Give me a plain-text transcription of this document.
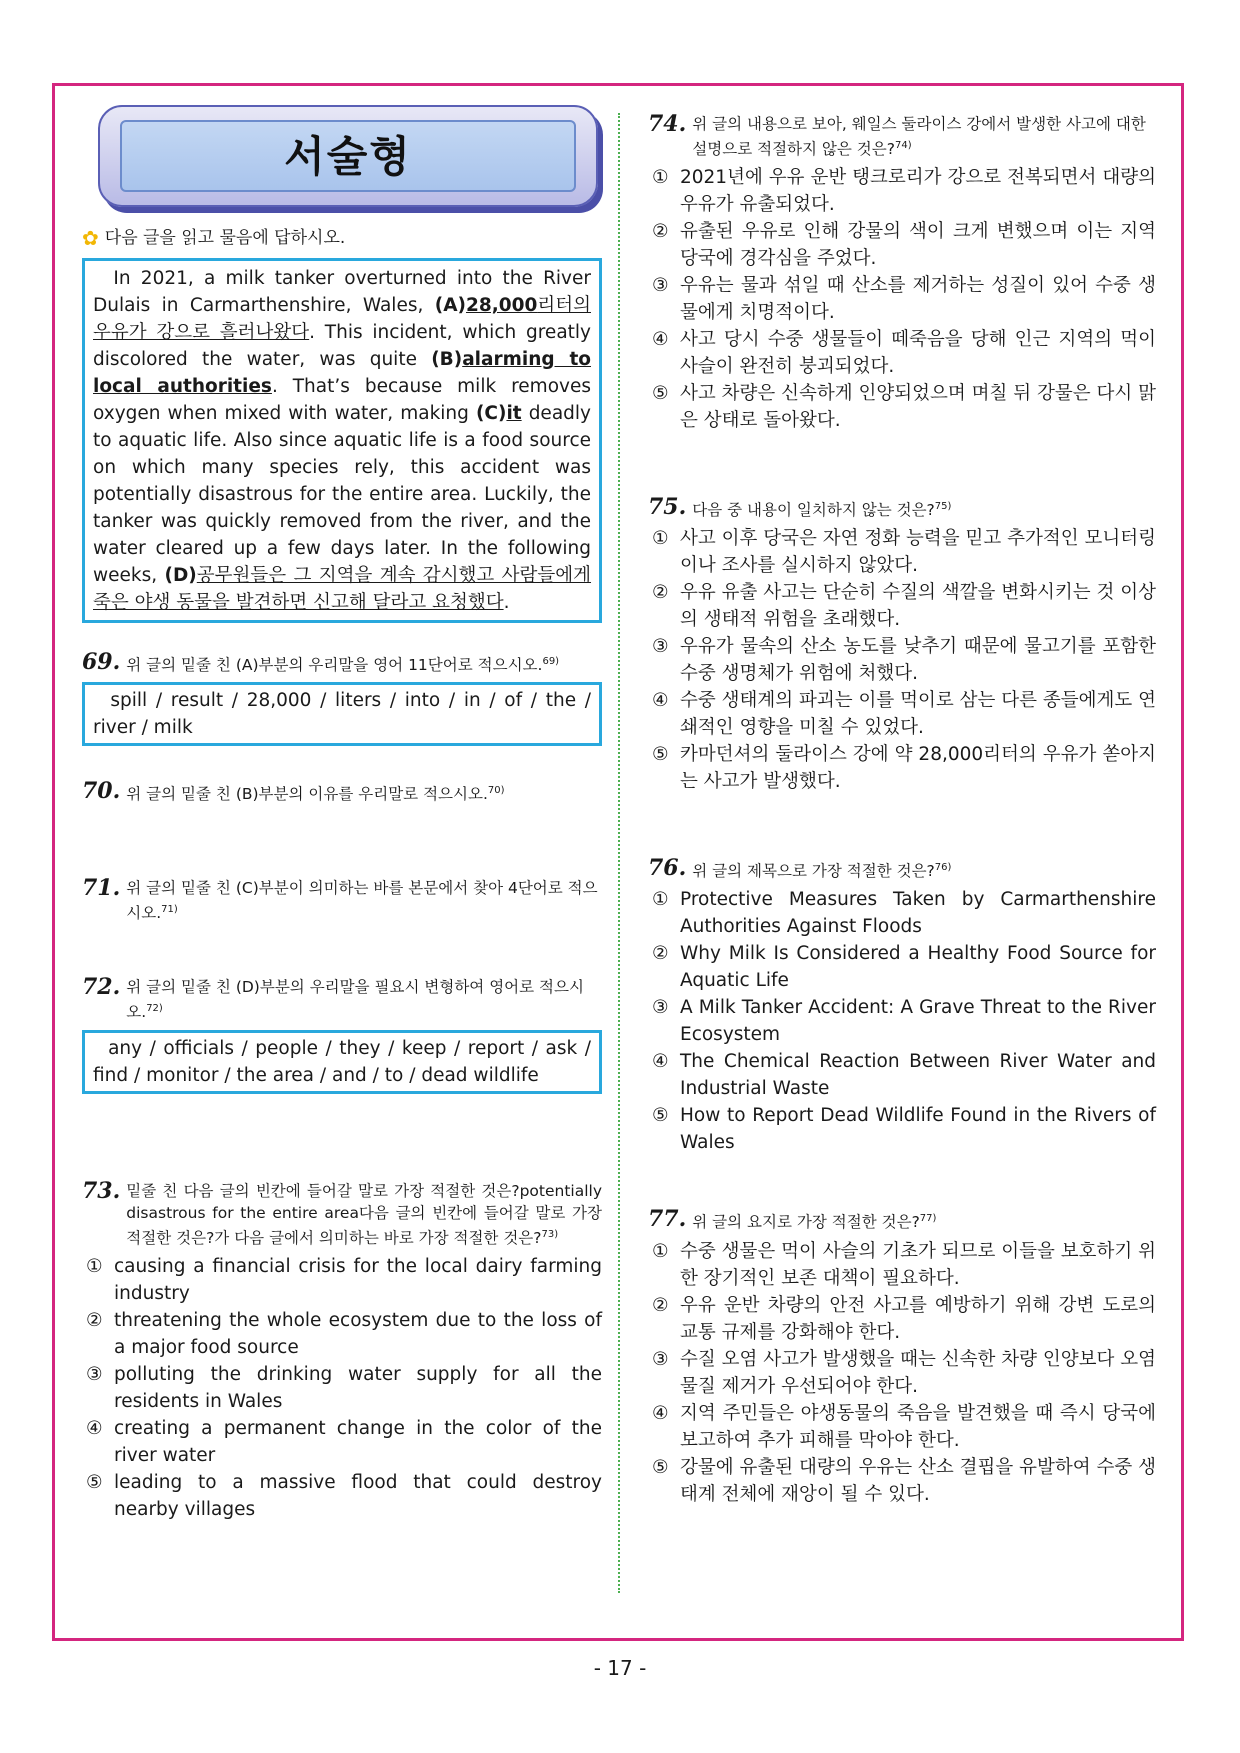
서술형
✿ 다음 글을 읽고 물음에 답하시오.
In 2021, a milk tanker overturned into the River Dulais in Carmarthenshire, Wales, (A)28,000리터의 우유가 강으로 흘러나왔다. This incident, which greatly discolored the water, was quite (B)alarming to local authorities. That’s because milk removes oxygen when mixed with water, making (C)it deadly to aquatic life. Also since aquatic life is a food source on which many species rely, this accident was potentially disastrous for the entire area. Luckily, the tanker was quickly removed from the river, and the water cleared up a few days later. In the following weeks, (D)공무원들은 그 지역을 계속 감시했고 사람들에게 죽은 야생 동물을 발견하면 신고해 달라고 요청했다.
69. 위 글의 밑줄 친 (A)부분의 우리말을 영어 11단어로 적으시오.$^{69)}$
spill / result / 28,000 / liters / into / in / of / the / river / milk
70. 위 글의 밑줄 친 (B)부분의 이유를 우리말로 적으시오.$^{70)}$
71. 위 글의 밑줄 친 (C)부분이 의미하는 바를 본문에서 찾아 4단어로 적으시오.$^{71)}$
72. 위 글의 밑줄 친 (D)부분의 우리말을 필요시 변형하여 영어로 적으시오.$^{72)}$
any / officials / people / they / keep / report / ask / find / monitor / the area / and / to / dead wildlife
73. 밑줄 친 다음 글의 빈칸에 들어갈 말로 가장 적절한 것은?potentially disastrous for the entire area다음 글의 빈칸에 들어갈 말로 가장 적절한 것은?가 다음 글에서 의미하는 바로 가장 적절한 것은?$^{73)}$
① causing a financial crisis for the local dairy farming industry
② threatening the whole ecosystem due to the loss of a major food source
③ polluting the drinking water supply for all the residents in Wales
④ creating a permanent change in the color of the river water
⑤ leading to a massive flood that could destroy nearby villages
74. 위 글의 내용으로 보아, 웨일스 둘라이스 강에서 발생한 사고에 대한 설명으로 적절하지 않은 것은?$^{74)}$
① 2021년에 우유 운반 탱크로리가 강으로 전복되면서 대량의 우유가 유출되었다.
② 유출된 우유로 인해 강물의 색이 크게 변했으며 이는 지역 당국에 경각심을 주었다.
③ 우유는 물과 섞일 때 산소를 제거하는 성질이 있어 수중 생물에게 치명적이다.
④ 사고 당시 수중 생물들이 떼죽음을 당해 인근 지역의 먹이 사슬이 완전히 붕괴되었다.
⑤ 사고 차량은 신속하게 인양되었으며 며칠 뒤 강물은 다시 맑은 상태로 돌아왔다.
75. 다음 중 내용이 일치하지 않는 것은?$^{75)}$
① 사고 이후 당국은 자연 정화 능력을 믿고 추가적인 모니터링이나 조사를 실시하지 않았다.
② 우유 유출 사고는 단순히 수질의 색깔을 변화시키는 것 이상의 생태적 위험을 초래했다.
③ 우유가 물속의 산소 농도를 낮추기 때문에 물고기를 포함한 수중 생명체가 위험에 처했다.
④ 수중 생태계의 파괴는 이를 먹이로 삼는 다른 종들에게도 연쇄적인 영향을 미칠 수 있었다.
⑤ 카마던셔의 둘라이스 강에 약 28,000리터의 우유가 쏟아지는 사고가 발생했다.
76. 위 글의 제목으로 가장 적절한 것은?$^{76)}$
① Protective Measures Taken by Carmarthenshire Authorities Against Floods
② Why Milk Is Considered a Healthy Food Source for Aquatic Life
③ A Milk Tanker Accident: A Grave Threat to the River Ecosystem
④ The Chemical Reaction Between River Water and Industrial Waste
⑤ How to Report Dead Wildlife Found in the Rivers of Wales
77. 위 글의 요지로 가장 적절한 것은?$^{77)}$
① 수중 생물은 먹이 사슬의 기초가 되므로 이들을 보호하기 위한 장기적인 보존 대책이 필요하다.
② 우유 운반 차량의 안전 사고를 예방하기 위해 강변 도로의 교통 규제를 강화해야 한다.
③ 수질 오염 사고가 발생했을 때는 신속한 차량 인양보다 오염 물질 제거가 우선되어야 한다.
④ 지역 주민들은 야생동물의 죽음을 발견했을 때 즉시 당국에 보고하여 추가 피해를 막아야 한다.
⑤ 강물에 유출된 대량의 우유는 산소 결핍을 유발하여 수중 생태계 전체에 재앙이 될 수 있다.
- 17 -
